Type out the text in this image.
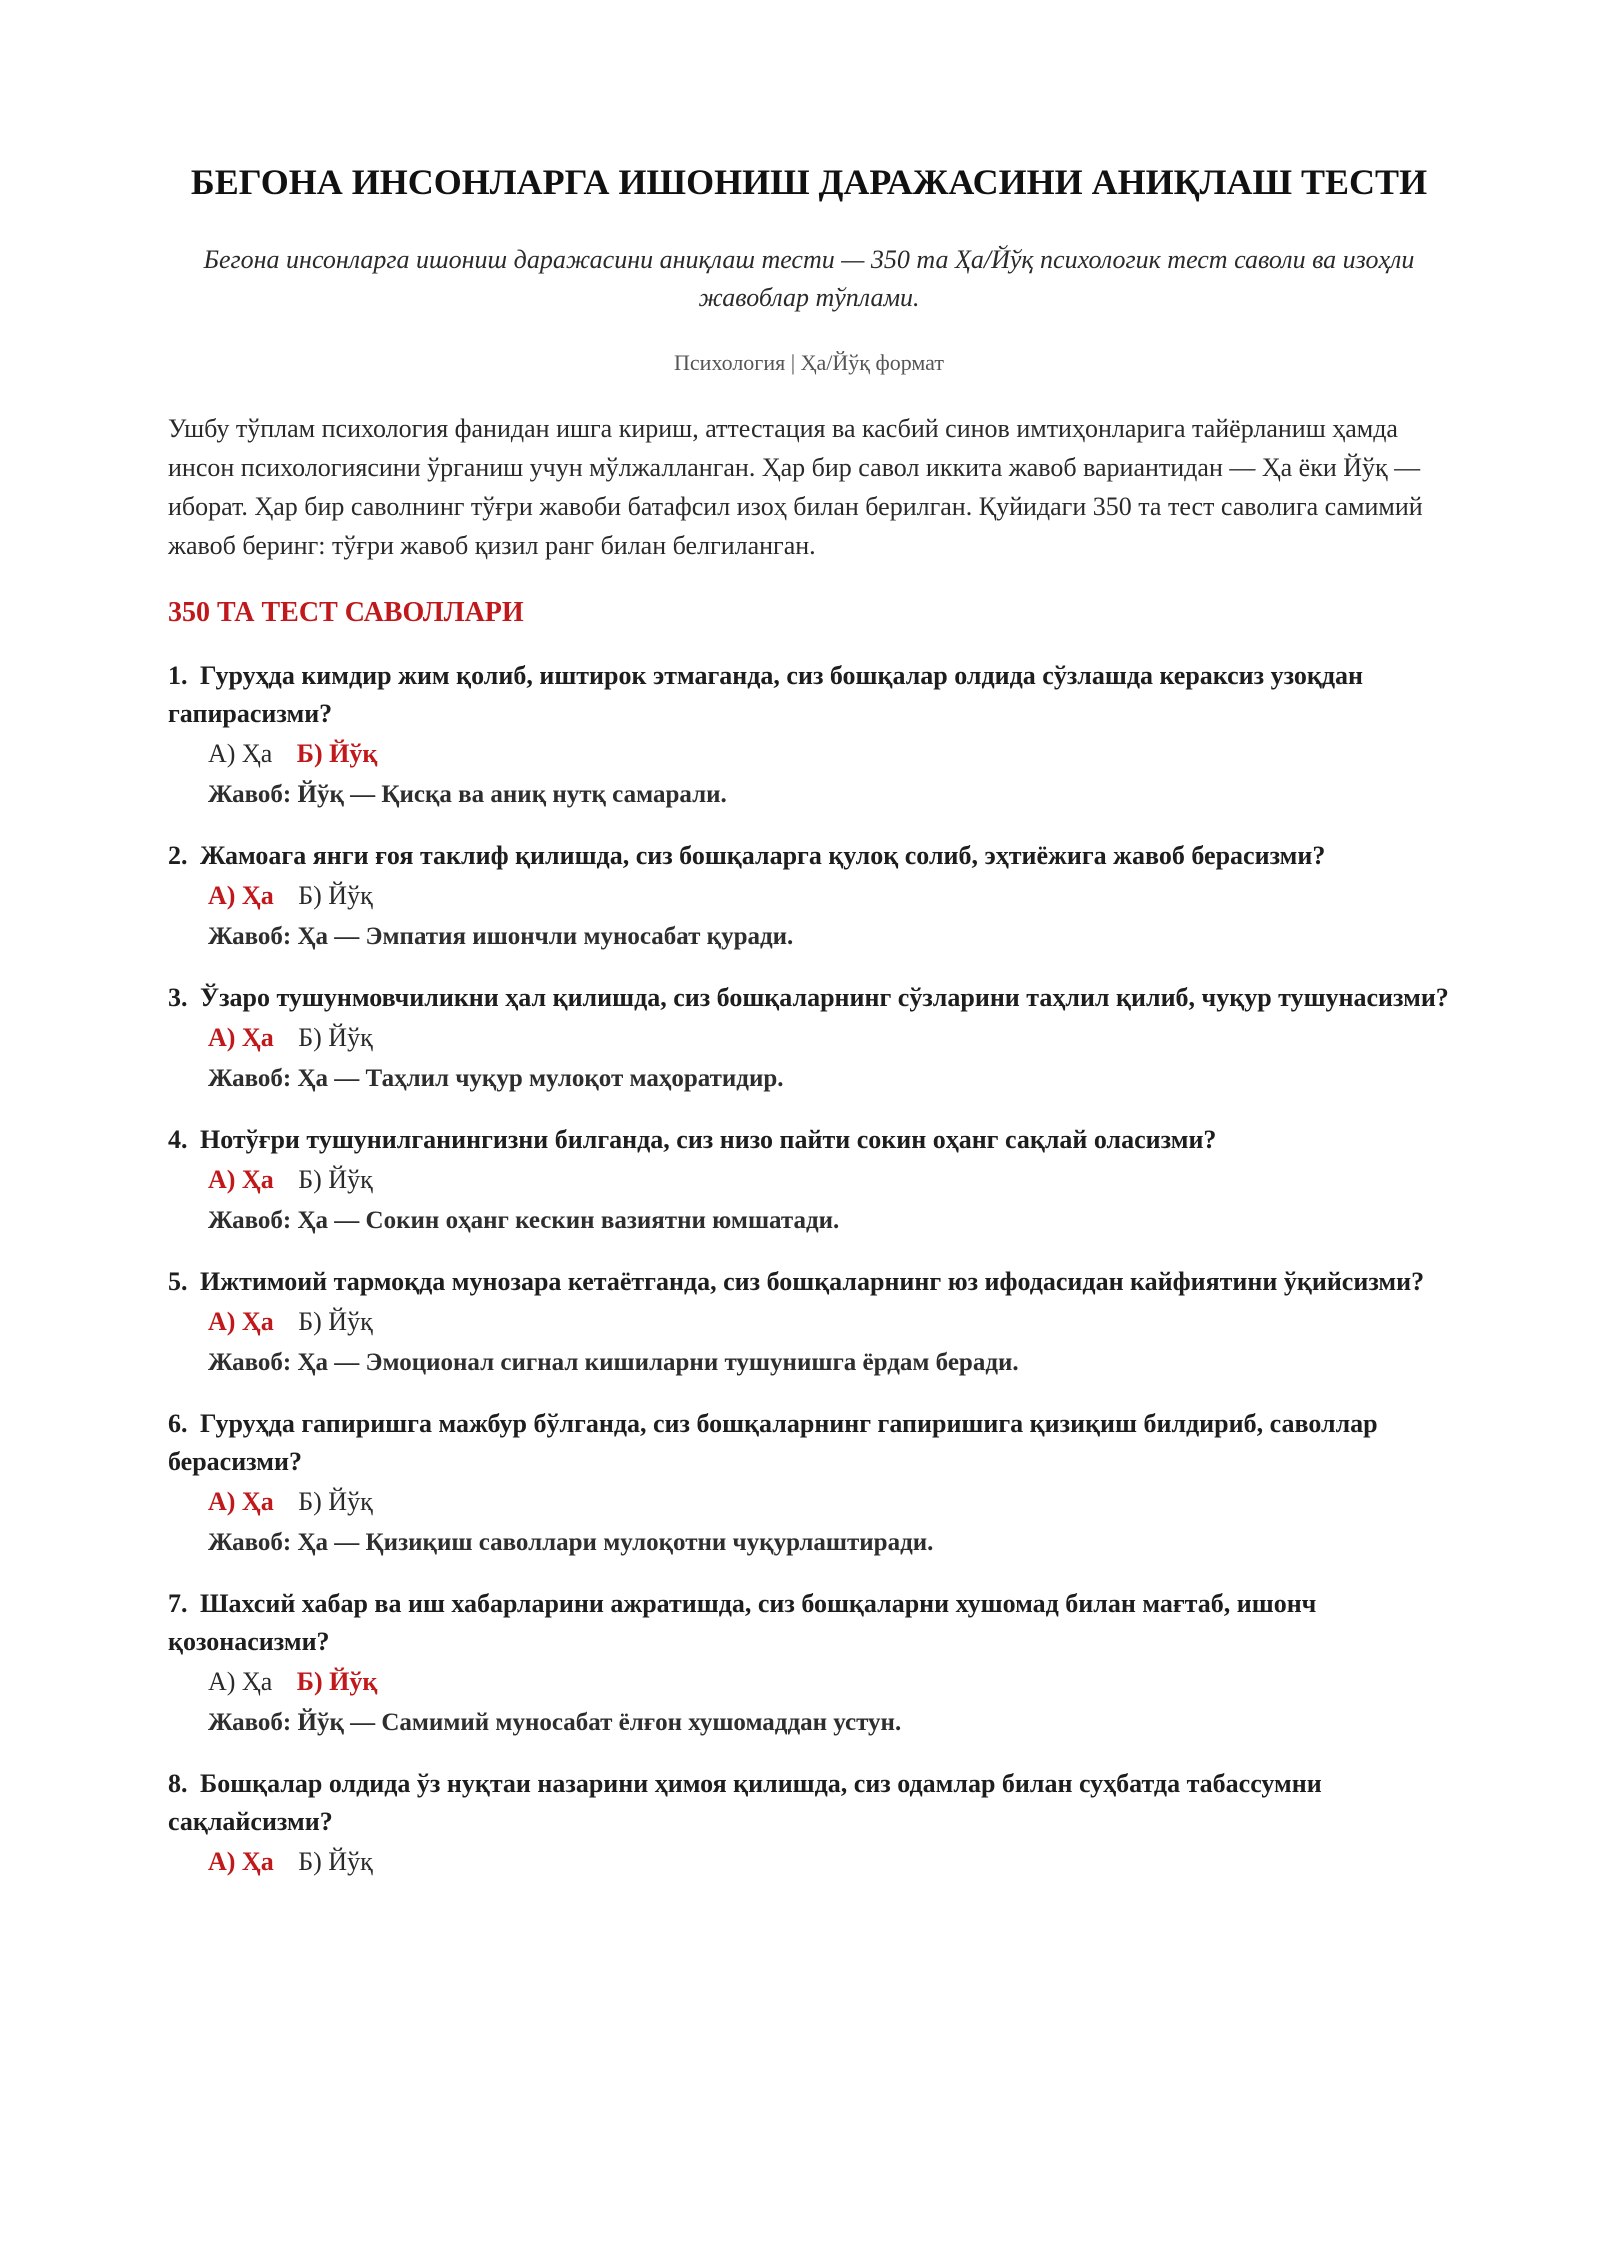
БЕГОНА ИНСОНЛАРГА ИШОНИШ ДАРАЖАСИНИ АНИҚЛАШ ТЕСТИ
Бегона инсонларга ишониш даражасини аниқлаш тести — 350 та Ҳа/Йўқ психологик тест саволи ва изоҳли жавоблар тўплами.
Психология | Ҳа/Йўқ формат
Ушбу тўплам психология фанидан ишга кириш, аттестация ва касбий синов имтиҳонларига тайёрланиш ҳамда инсон психологиясини ўрганиш учун мўлжалланган. Ҳар бир савол иккита жавоб вариантидан — Ҳа ёки Йўқ — иборат. Ҳар бир саволнинг тўғри жавоби батафсил изоҳ билан берилган. Қуйидаги 350 та тест саволига самимий жавоб беринг: тўғри жавоб қизил ранг билан белгиланган.
350 ТА ТЕСТ САВОЛЛАРИ
1. Гуруҳда кимдир жим қолиб, иштирок этмаганда, сиз бошқалар олдида сўзлашда кераксиз узоқдан гапирасизми?
А) Ҳа Б) Йўқ
Жавоб: Йўқ — Қисқа ва аниқ нутқ самарали.
2. Жамоага янги ғоя таклиф қилишда, сиз бошқаларга қулоқ солиб, эҳтиёжига жавоб берасизми?
А) Ҳа Б) Йўқ
Жавоб: Ҳа — Эмпатия ишончли муносабат қуради.
3. Ўзаро тушунмовчиликни ҳал қилишда, сиз бошқаларнинг сўзларини таҳлил қилиб, чуқур тушунасизми?
А) Ҳа Б) Йўқ
Жавоб: Ҳа — Таҳлил чуқур мулоқот маҳоратидир.
4. Нотўғри тушунилганингизни билганда, сиз низо пайти сокин оҳанг сақлай оласизми?
А) Ҳа Б) Йўқ
Жавоб: Ҳа — Сокин оҳанг кескин вазиятни юмшатади.
5. Ижтимоий тармоқда мунозара кетаётганда, сиз бошқаларнинг юз ифодасидан кайфиятини ўқийсизми?
А) Ҳа Б) Йўқ
Жавоб: Ҳа — Эмоционал сигнал кишиларни тушунишга ёрдам беради.
6. Гуруҳда гапиришга мажбур бўлганда, сиз бошқаларнинг гапиришига қизиқиш билдириб, саволлар берасизми?
А) Ҳа Б) Йўқ
Жавоб: Ҳа — Қизиқиш саволлари мулоқотни чуқурлаштиради.
7. Шахсий хабар ва иш хабарларини ажратишда, сиз бошқаларни хушомад билан мағтаб, ишонч қозонасизми?
А) Ҳа Б) Йўқ
Жавоб: Йўқ — Самимий муносабат ёлғон хушомаддан устун.
8. Бошқалар олдида ўз нуқтаи назарини ҳимоя қилишда, сиз одамлар билан суҳбатда табассумни сақлайсизми?
А) Ҳа Б) Йўқ
